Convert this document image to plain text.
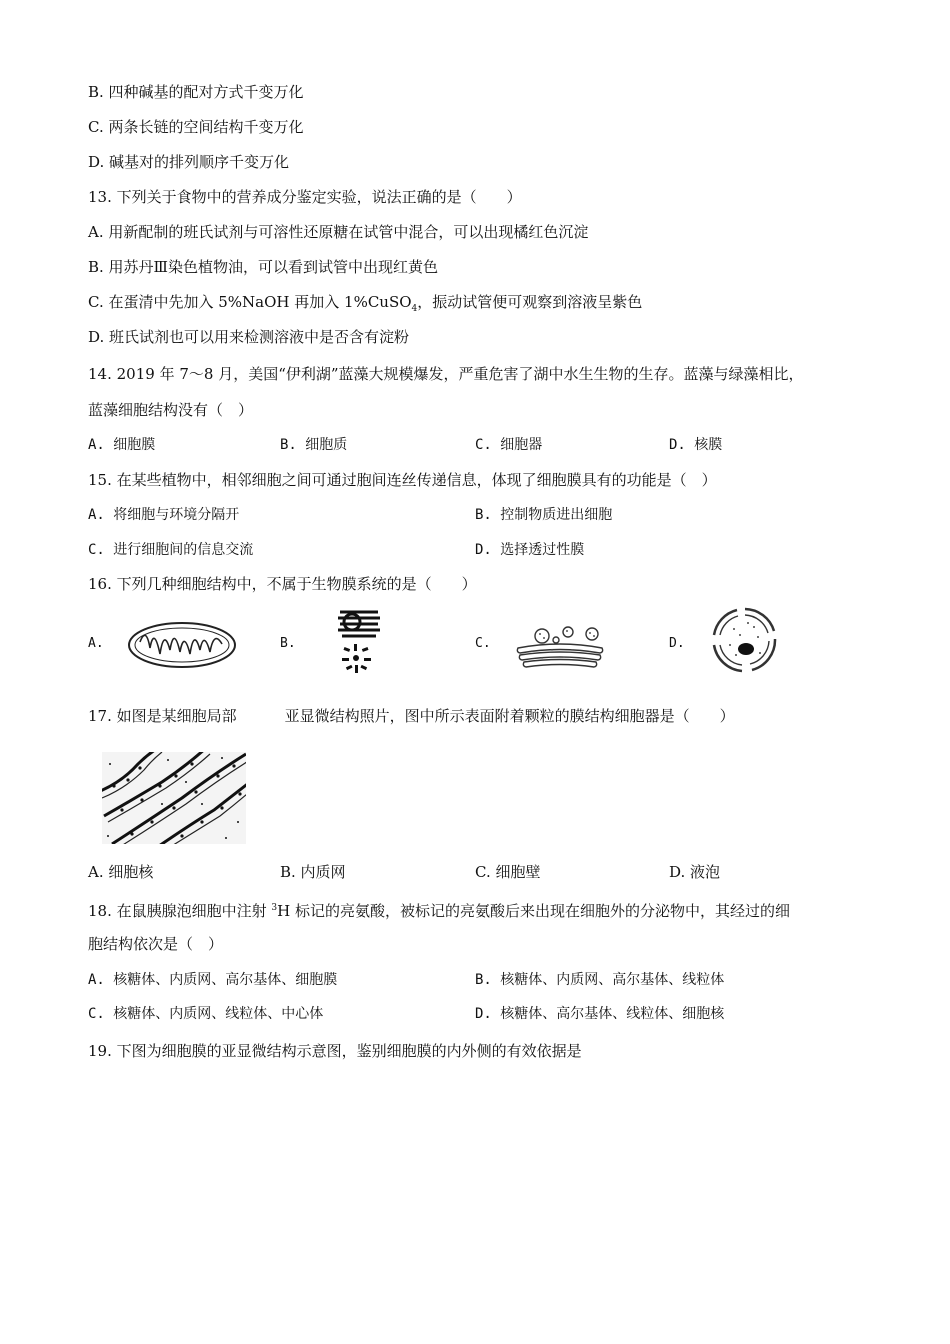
B. 四种碱基的配对方式千变万化
C. 两条长链的空间结构千变万化
D. 碱基对的排列顺序千变万化
13. 下列关于食物中的营养成分鉴定实验，说法正确的是（　　）
A. 用新配制的班氏试剂与可溶性还原糖在试管中混合，可以出现橘红色沉淀
B. 用苏丹Ⅲ染色植物油，可以看到试管中出现红黄色
C. 在蛋清中先加入 5%NaOH 再加入 1%CuSO$_4$，振动试管便可观察到溶液呈紫色
D. 班氏试剂也可以用来检测溶液中是否含有淀粉
14. 2019 年 7～8 月，美国“伊利湖”蓝藻大规模爆发，严重危害了湖中水生生物的生存。蓝藻与绿藻相比，
蓝藻细胞结构没有（　）
A. 细胞膜	B. 细胞质	C. 细胞器	D. 核膜
15. 在某些植物中，相邻细胞之间可通过胞间连丝传递信息，体现了细胞膜具有的功能是（　）
A. 将细胞与环境分隔开	B. 控制物质进出细胞
C. 进行细胞间的信息交流	D. 选择透过性膜
16. 下列几种细胞结构中，不属于生物膜系统的是（　　）
A.	B.	C.	D.
17. 如图是某细胞局部	亚显微结构照片，图中所示表面附着颗粒的膜结构细胞器是（　　）
A. 细胞核	B. 内质网	C. 细胞壁	D. 液泡
18. 在鼠胰腺泡细胞中注射 $^3$H 标记的亮氨酸，被标记的亮氨酸后来出现在细胞外的分泌物中，其经过的细
胞结构依次是（　）
A. 核糖体、内质网、高尔基体、细胞膜	B. 核糖体、内质网、高尔基体、线粒体
C. 核糖体、内质网、线粒体、中心体	D. 核糖体、高尔基体、线粒体、细胞核
19. 下图为细胞膜的亚显微结构示意图，鉴别细胞膜的内外侧的有效依据是
